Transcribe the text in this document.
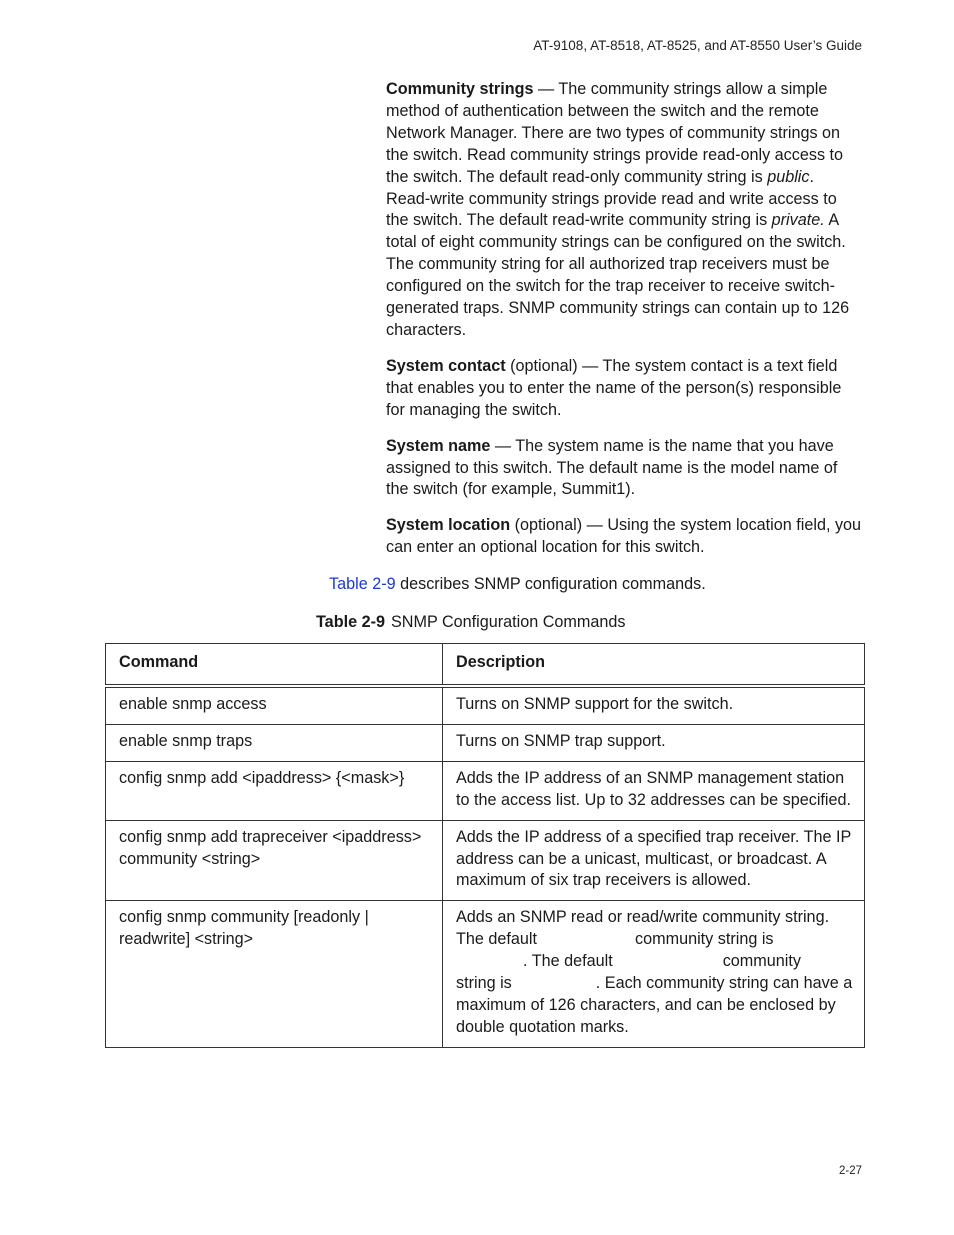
AT-9108, AT-8518, AT-8525, and AT-8550 User’s Guide

Community strings — The community strings allow a simple method of authentication between the switch and the remote Network Manager. There are two types of community strings on the switch. Read community strings provide read-only access to the switch. The default read-only community string is public. Read-write community strings provide read and write access to the switch. The default read-write community string is private. A total of eight community strings can be configured on the switch. The community string for all authorized trap receivers must be configured on the switch for the trap receiver to receive switch-generated traps. SNMP community strings can contain up to 126 characters.

System contact (optional) — The system contact is a text field that enables you to enter the name of the person(s) responsible for managing the switch.

System name — The system name is the name that you have assigned to this switch. The default name is the model name of the switch (for example, Summit1).

System location (optional) — Using the system location field, you can enter an optional location for this switch.

Table 2-9 describes SNMP configuration commands.
Table 2-9 SNMP Configuration Commands
Command	Description
enable snmp access	Turns on SNMP support for the switch.
enable snmp traps	Turns on SNMP trap support.
config snmp add <ipaddress> {<mask>}	Adds the IP address of an SNMP management station to the access list. Up to 32 addresses can be specified.
config snmp add trapreceiver <ipaddress> community <string>	Adds the IP address of a specified trap receiver. The IP address can be a unicast, multicast, or broadcast. A maximum of six trap receivers is allowed.
config snmp community [readonly | readwrite] <string>	Adds an SNMP read or read/write community string. The default community string is
. The default community
string is . Each community string can have a maximum of 126 characters, and can be enclosed by double quotation marks.
2-27
